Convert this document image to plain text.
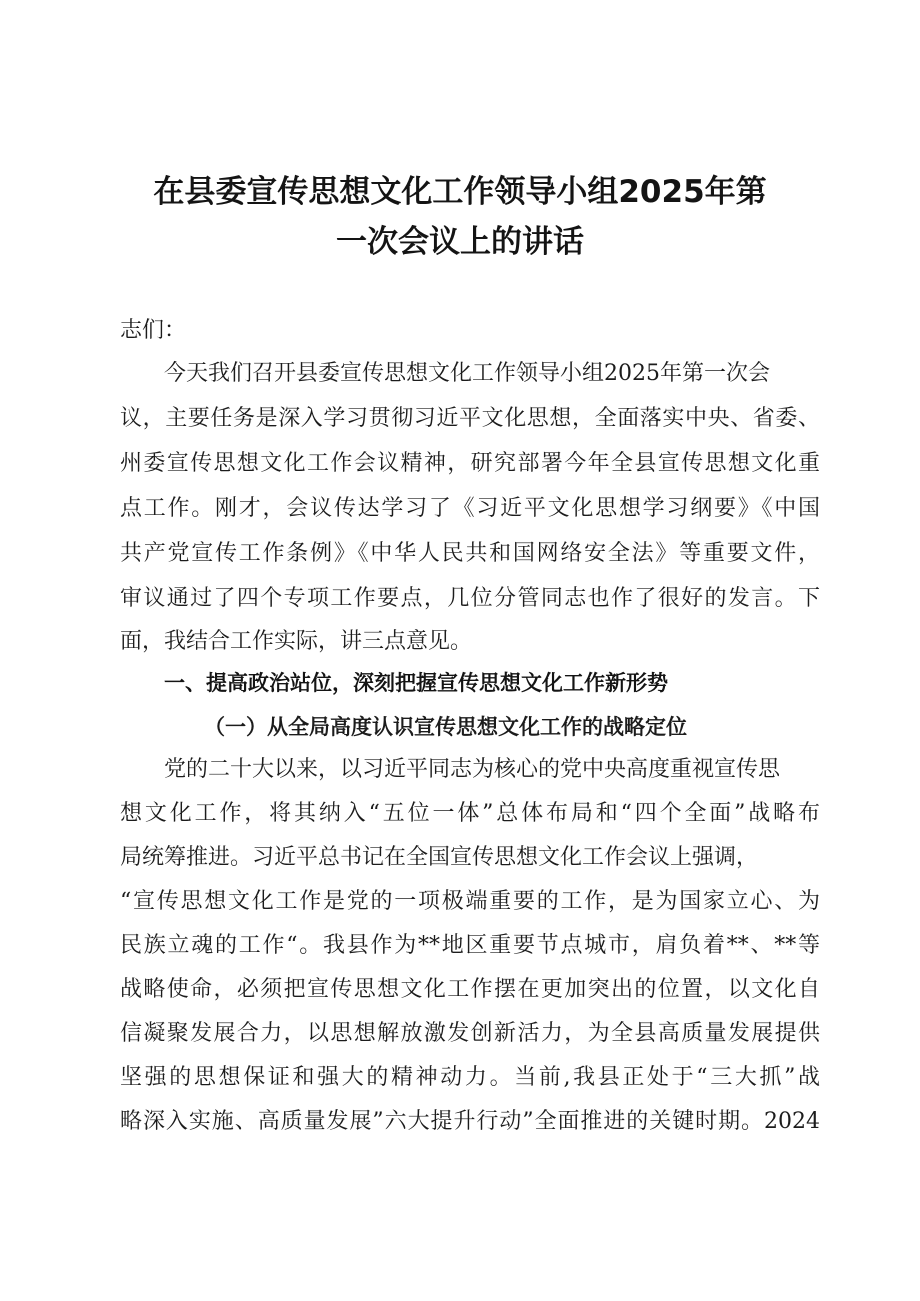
在县委宣传思想文化工作领导小组2025年第
一次会议上的讲话

志们：

今天我们召开县委宣传思想文化工作领导小组2025年第一次会

议，主要任务是深入学习贯彻习近平文化思想，全面落实中央、省委、

州委宣传思想文化工作会议精神，研究部署今年全县宣传思想文化重

点工作。刚才，会议传达学习了《习近平文化思想学习纲要》《中国

共产党宣传工作条例》《中华人民共和国网络安全法》等重要文件，

审议通过了四个专项工作要点，几位分管同志也作了很好的发言。下

面，我结合工作实际，讲三点意见。

一、提高政治站位，深刻把握宣传思想文化工作新形势
（一）从全局高度认识宣传思想文化工作的战略定位

党的二十大以来，以习近平同志为核心的党中央高度重视宣传思

想文化工作，将其纳入“五位一体”总体布局和“四个全面”战略布

局统筹推进。习近平总书记在全国宣传思想文化工作会议上强调，

“宣传思想文化工作是党的一项极端重要的工作，是为国家立心、为

民族立魂的工作“。我县作为**地区重要节点城市，肩负着**、**等

战略使命，必须把宣传思想文化工作摆在更加突出的位置，以文化自

信凝聚发展合力，以思想解放激发创新活力，为全县高质量发展提供

坚强的思想保证和强大的精神动力。当前,我县正处于“三大抓”战

略深入实施、高质量发展”六大提升行动”全面推进的关键时期。2024
